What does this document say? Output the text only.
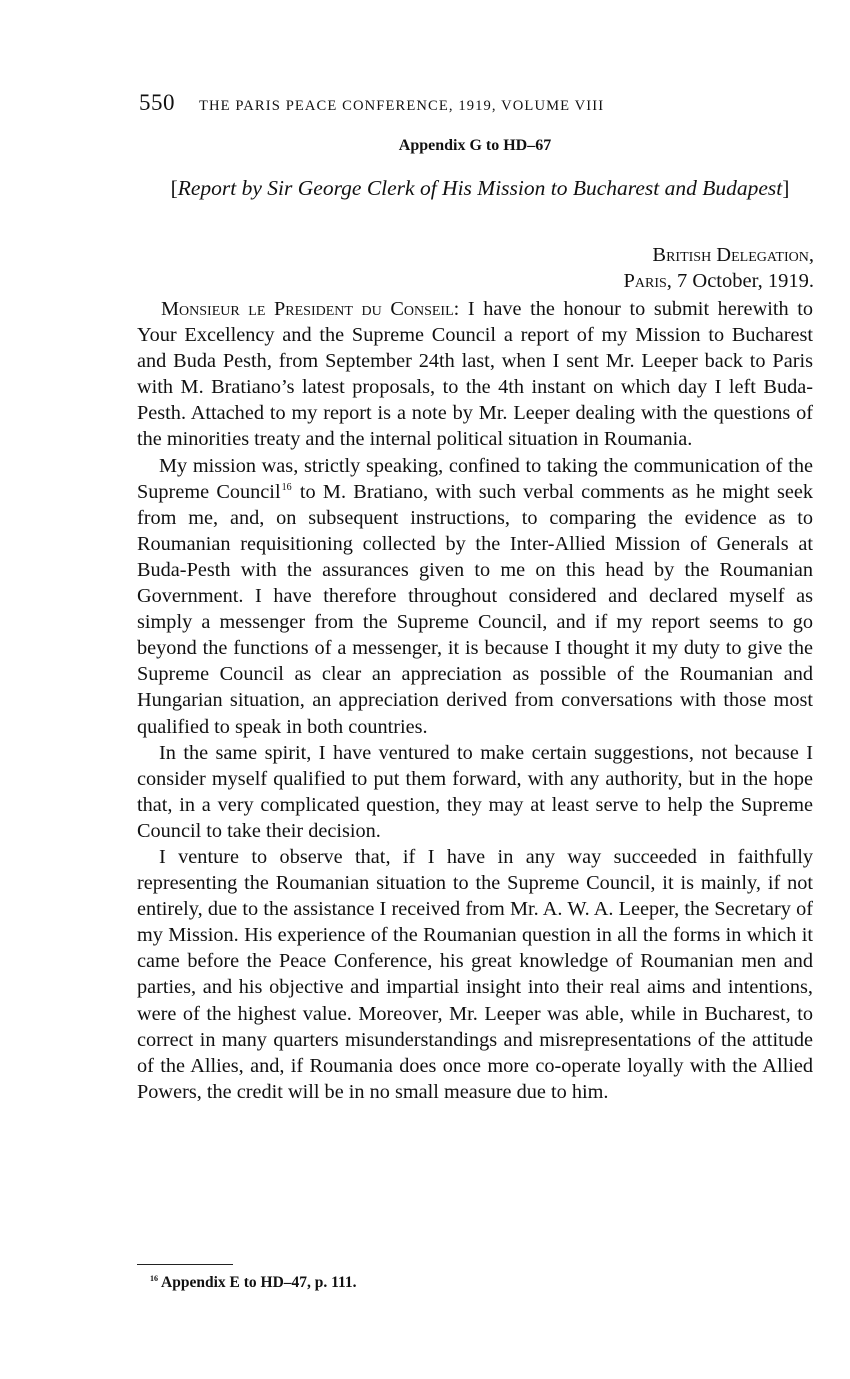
550 THE PARIS PEACE CONFERENCE, 1919, VOLUME VIII
Appendix G to HD–67
[Report by Sir George Clerk of His Mission to Bucharest and Budapest]
British Delegation,
Paris, 7 October, 1919.

Monsieur le President du Conseil: I have the honour to submit herewith to Your Excellency and the Supreme Council a report of my Mission to Bucharest and Buda Pesth, from September 24th last, when I sent Mr. Leeper back to Paris with M. Bratiano’s latest proposals, to the 4th instant on which day I left Buda-Pesth. Attached to my report is a note by Mr. Leeper dealing with the questions of the minorities treaty and the internal political situation in Roumania.

My mission was, strictly speaking, confined to taking the communication of the Supreme Council$^{16}$ to M. Bratiano, with such verbal comments as he might seek from me, and, on subsequent instructions, to comparing the evidence as to Roumanian requisitioning collected by the Inter-Allied Mission of Generals at Buda-Pesth with the assurances given to me on this head by the Roumanian Government. I have therefore throughout considered and declared myself as simply a messenger from the Supreme Council, and if my report seems to go beyond the functions of a messenger, it is because I thought it my duty to give the Supreme Council as clear an appreciation as possible of the Roumanian and Hungarian situation, an appreciation derived from conversations with those most qualified to speak in both countries.

In the same spirit, I have ventured to make certain suggestions, not because I consider myself qualified to put them forward, with any authority, but in the hope that, in a very complicated question, they may at least serve to help the Supreme Council to take their decision.

I venture to observe that, if I have in any way succeeded in faithfully representing the Roumanian situation to the Supreme Council, it is mainly, if not entirely, due to the assistance I received from Mr. A. W. A. Leeper, the Secretary of my Mission. His experience of the Roumanian question in all the forms in which it came before the Peace Conference, his great knowledge of Roumanian men and parties, and his objective and impartial insight into their real aims and intentions, were of the highest value. Moreover, Mr. Leeper was able, while in Bucharest, to correct in many quarters misunderstandings and misrepresentations of the attitude of the Allies, and, if Roumania does once more co-operate loyally with the Allied Powers, the credit will be in no small measure due to him.

$^{16}$ Appendix E to HD–47, p. 111.
